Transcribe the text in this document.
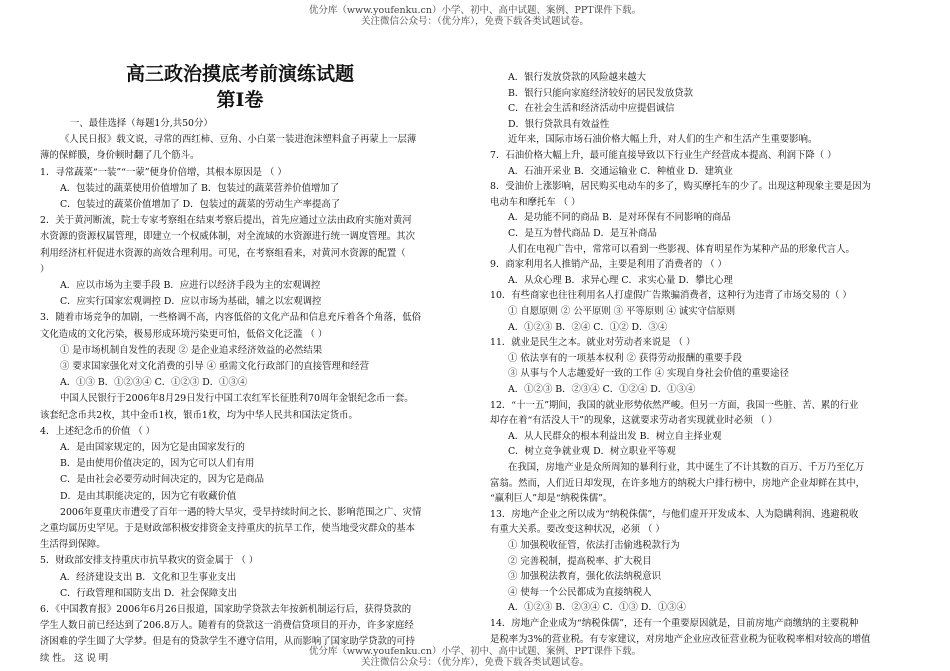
优分库（www.youfenku.cn）小学、初中、高中试题、案例、PPT课件下载。
关注微信公众号：（优分库），免费下载各类试题试卷。
高三政治摸底考前演练试题
第Ⅰ卷
一、最佳选择（每题1分,共50分）
《人民日报》载文说，寻常的西红柿、豆角、小白菜一装进泡沫塑料盒子再蒙上一层薄
薄的保鲜膜，身价顿时翻了几个筋斗。
1．寻常蔬菜“一装”“一蒙”便身价倍增，其根本原因是 （ ）
A．包装过的蔬菜使用价值增加了 B．包装过的蔬菜营养价值增加了
C．包装过的蔬菜价值增加了 D．包装过的蔬菜的劳动生产率提高了
2．关于黄河断流，院士专家考察组在结束考察后提出，首先应通过立法由政府实施对黄河
水资源的资源权属管理，即建立一个权威体制，对全流域的水资源进行统一调度管理。其次
利用经济杠杆促进水资源的高效合理利用。可见，在考察组看来，对黄河水资源的配置（
）
A．应以市场为主要手段 B．应进行以经济手段为主的宏观调控
C．应实行国家宏观调控 D．应以市场为基础，辅之以宏观调控
3．随着市场竞争的加剧，一些格调不高，内容低俗的文化产品和信息充斥着各个角落，低俗
文化造成的文化污染，极易形成环境污染更可怕，低俗文化泛滥 （ ）
① 是市场机制自发性的表现 ② 是企业追求经济效益的必然结果
③ 要求国家强化对文化消费的引导 ④ 亟需文化行政部门的直接管理和经营
A．①③ B．①②③④ C．①②③ D．①③④
中国人民银行于2006年8月29日发行中国工农红军长征胜利70周年金银纪念币一套。
该套纪念币共2枚，其中金币1枚，银币1枚，均为中华人民共和国法定货币。
4．上述纪念币的价值 （ ）
A．是由国家规定的，因为它是由国家发行的
B．是由使用价值决定的，因为它可以人们有用
C．是由社会必要劳动时间决定的，因为它是商品
D．是由其职能决定的，因为它有收藏价值
2006年夏重庆市遭受了百年一遇的特大旱灾，受旱持续时间之长、影响范围之广、灾情
之重均属历史罕见。于是财政部积极安排资金支持重庆的抗旱工作，使当地受灾群众的基本
生活得到保障。
5．财政部安排支持重庆市抗旱救灾的资金属于 （ ）
A．经济建设支出 B．文化和卫生事业支出
C．行政管理和国防支出 D．社会保障支出
6．《中国教育报》2006年6月26日报道，国家助学贷款去年按新机制运行后，获得贷款的
学生人数日前已经达到了206.8万人。随着有的贷款这一消费信贷项目的开办，许多家庭经
济困难的学生圆了大学梦。但是有的贷款学生不遵守信用，从而影响了国家助学贷款的可持
续 性。 这 说 明
A．银行发放贷款的风险越来越大
B．银行只能向家庭经济较好的居民发放贷款
C．在社会生活和经济活动中应提倡诚信
D．银行贷款具有效益性
近年来，国际市场石油价格大幅上升，对人们的生产和生活产生重要影响。
7．石油价格大幅上升，最可能直接导致以下行业生产经营成本提高、利润下降（ ）
A．石油开采业 B．交通运输业 C．种植业 D．建筑业
8．受油价上涨影响，居民购买电动车的多了，购买摩托车的少了。出现这种现象主要是因为
电动车和摩托车 （ ）
A．是功能不同的商品 B．是对环保有不同影响的商品
C．是互为替代商品 D．是互补商品
人们在电视广告中，常常可以看到一些影视、体育明星作为某种产品的形象代言人。
9．商家利用名人推销产品，主要是利用了消费者的 （ ）
A．从众心理 B．求异心理 C．求实心量 D．攀比心理
10．有些商家也往往利用名人打虚假广告欺骗消费者，这种行为违背了市场交易的（ ）
① 自愿原则 ② 公平原则 ③ 平等原则 ④ 诚实守信原则
A．①②③ B．②④ C．①② D．③④
11．就业是民生之本。就业对劳动者来说是 （ ）
① 依法享有的一项基本权利 ② 获得劳动报酬的重要手段
③ 从事与个人志趣爱好一致的工作 ④ 实现自身社会价值的重要途径
A．①②③ B．②③④ C．①②④ D．①③④
12．“十一五”期间，我国的就业形势依然严峻。但另一方面，我国一些脏、苦、累的行业
却存在着“有活没人干”的现象，这就要求劳动者实现就业时必须 （ ）
A．从人民群众的根本利益出发 B．树立自主择业观
C．树立竞争就业观 D．树立职业平等观
在我国，房地产业是众所周知的暴利行业，其中诞生了不计其数的百万、千万乃至亿万
富翁。然而，人们近日却发现，在许多地方的纳税大户排行榜中，房地产企业却鲜在其中，
“赢利巨人”却是“纳税侏儒”。
13．房地产企业之所以成为“纳税侏儒”，与他们虚开开发成本、人为隐瞒利润、逃避税收
有重大关系。要改变这种状况，必须 （ ）
① 加强税收征管，依法打击偷逃税款行为
② 完善税制，提高税率、扩大税目
③ 加强税法教育，强化依法纳税意识
④ 使每一个公民都成为直接纳税人
A．①②③ B．②③④ C．①③ D．①③④
14．房地产企业成为“纳税侏儒”，还有一个重要原因就是，目前房地产商缴纳的主要税种
是税率为3%的营业税。有专家建议，对房地产企业应改征营业税为征收税率相对较高的增值
优分库（www.youfenku.cn）小学、初中、高中试题、案例、PPT课件下载。
关注微信公众号：（优分库），免费下载各类试题试卷。
